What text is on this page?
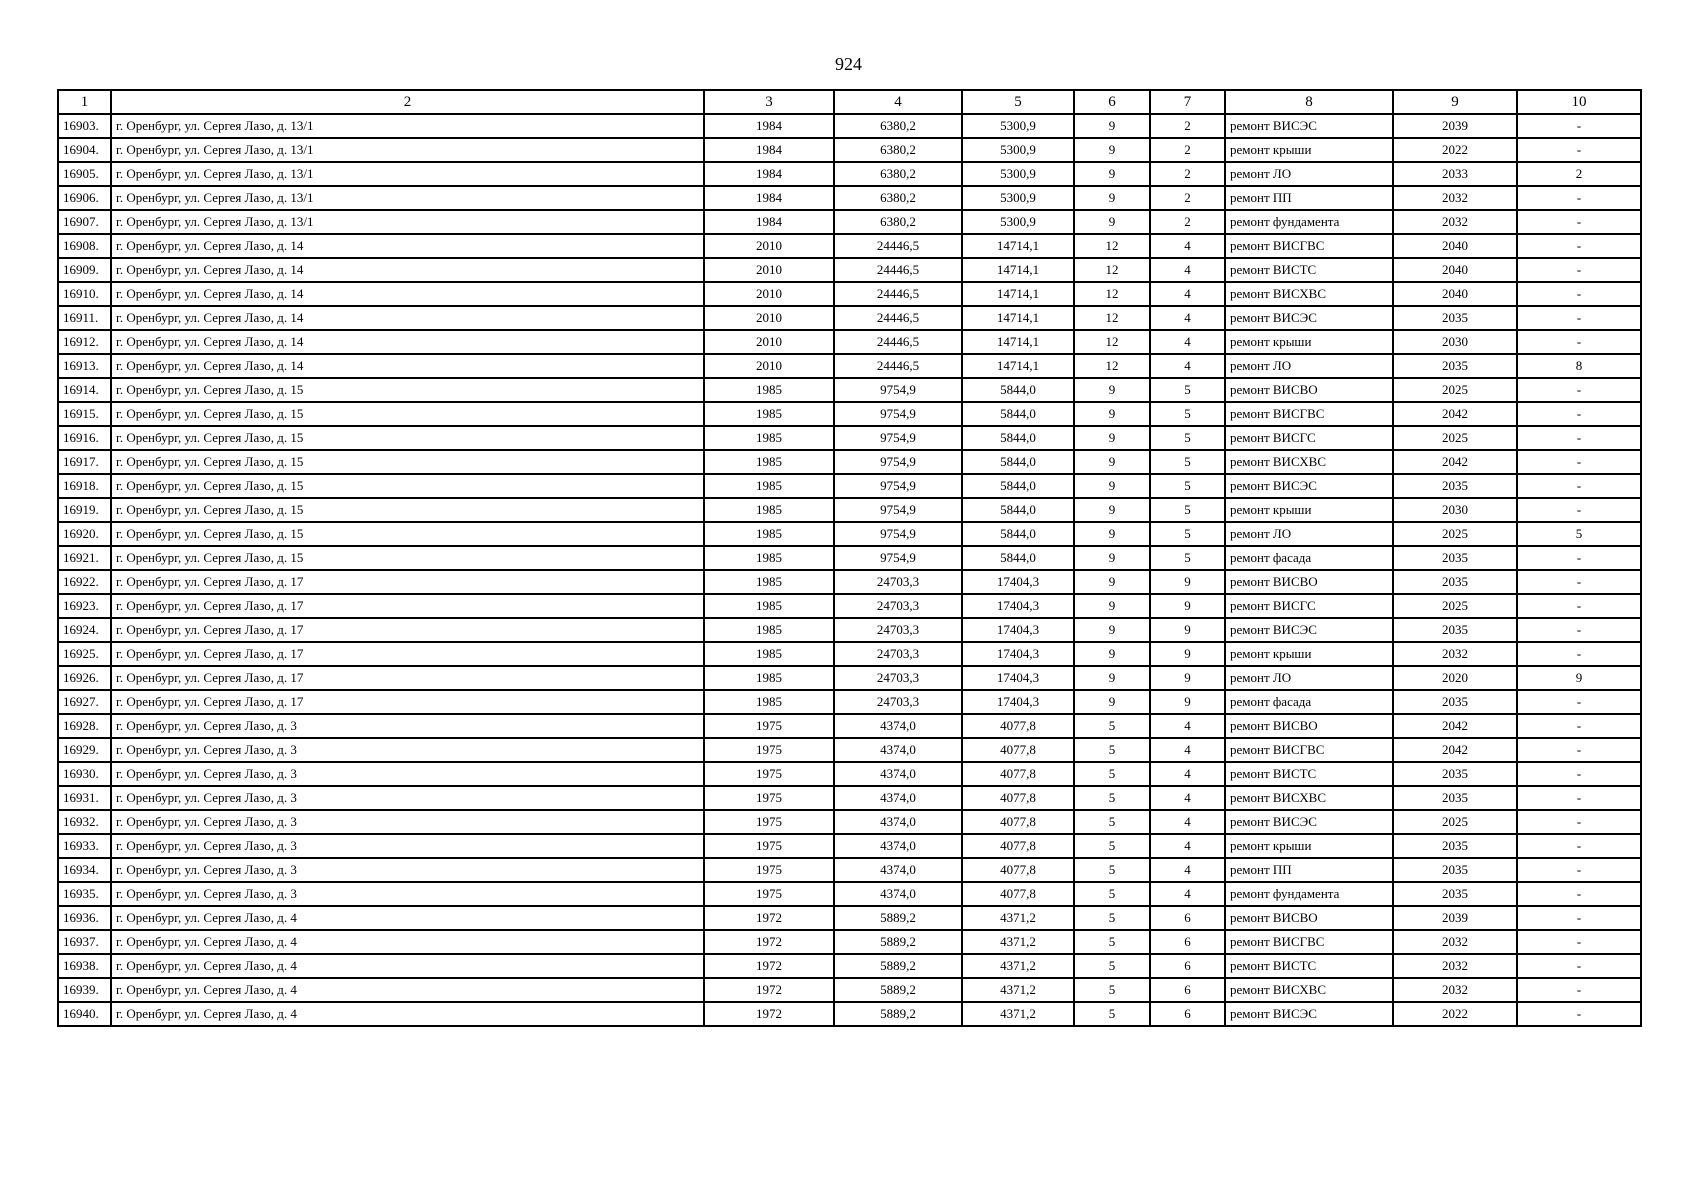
924
1	2	3	4	5	6	7	8	9	10
16903.	г. Оренбург, ул. Сергея Лазо, д. 13/1	1984	6380,2	5300,9	9	2	ремонт ВИСЭС	2039	-
16904.	г. Оренбург, ул. Сергея Лазо, д. 13/1	1984	6380,2	5300,9	9	2	ремонт крыши	2022	-
16905.	г. Оренбург, ул. Сергея Лазо, д. 13/1	1984	6380,2	5300,9	9	2	ремонт ЛО	2033	2
16906.	г. Оренбург, ул. Сергея Лазо, д. 13/1	1984	6380,2	5300,9	9	2	ремонт ПП	2032	-
16907.	г. Оренбург, ул. Сергея Лазо, д. 13/1	1984	6380,2	5300,9	9	2	ремонт фундамента	2032	-
16908.	г. Оренбург, ул. Сергея Лазо, д. 14	2010	24446,5	14714,1	12	4	ремонт ВИСГВС	2040	-
16909.	г. Оренбург, ул. Сергея Лазо, д. 14	2010	24446,5	14714,1	12	4	ремонт ВИСТС	2040	-
16910.	г. Оренбург, ул. Сергея Лазо, д. 14	2010	24446,5	14714,1	12	4	ремонт ВИСХВС	2040	-
16911.	г. Оренбург, ул. Сергея Лазо, д. 14	2010	24446,5	14714,1	12	4	ремонт ВИСЭС	2035	-
16912.	г. Оренбург, ул. Сергея Лазо, д. 14	2010	24446,5	14714,1	12	4	ремонт крыши	2030	-
16913.	г. Оренбург, ул. Сергея Лазо, д. 14	2010	24446,5	14714,1	12	4	ремонт ЛО	2035	8
16914.	г. Оренбург, ул. Сергея Лазо, д. 15	1985	9754,9	5844,0	9	5	ремонт ВИСВО	2025	-
16915.	г. Оренбург, ул. Сергея Лазо, д. 15	1985	9754,9	5844,0	9	5	ремонт ВИСГВС	2042	-
16916.	г. Оренбург, ул. Сергея Лазо, д. 15	1985	9754,9	5844,0	9	5	ремонт ВИСГС	2025	-
16917.	г. Оренбург, ул. Сергея Лазо, д. 15	1985	9754,9	5844,0	9	5	ремонт ВИСХВС	2042	-
16918.	г. Оренбург, ул. Сергея Лазо, д. 15	1985	9754,9	5844,0	9	5	ремонт ВИСЭС	2035	-
16919.	г. Оренбург, ул. Сергея Лазо, д. 15	1985	9754,9	5844,0	9	5	ремонт крыши	2030	-
16920.	г. Оренбург, ул. Сергея Лазо, д. 15	1985	9754,9	5844,0	9	5	ремонт ЛО	2025	5
16921.	г. Оренбург, ул. Сергея Лазо, д. 15	1985	9754,9	5844,0	9	5	ремонт фасада	2035	-
16922.	г. Оренбург, ул. Сергея Лазо, д. 17	1985	24703,3	17404,3	9	9	ремонт ВИСВО	2035	-
16923.	г. Оренбург, ул. Сергея Лазо, д. 17	1985	24703,3	17404,3	9	9	ремонт ВИСГС	2025	-
16924.	г. Оренбург, ул. Сергея Лазо, д. 17	1985	24703,3	17404,3	9	9	ремонт ВИСЭС	2035	-
16925.	г. Оренбург, ул. Сергея Лазо, д. 17	1985	24703,3	17404,3	9	9	ремонт крыши	2032	-
16926.	г. Оренбург, ул. Сергея Лазо, д. 17	1985	24703,3	17404,3	9	9	ремонт ЛО	2020	9
16927.	г. Оренбург, ул. Сергея Лазо, д. 17	1985	24703,3	17404,3	9	9	ремонт фасада	2035	-
16928.	г. Оренбург, ул. Сергея Лазо, д. 3	1975	4374,0	4077,8	5	4	ремонт ВИСВО	2042	-
16929.	г. Оренбург, ул. Сергея Лазо, д. 3	1975	4374,0	4077,8	5	4	ремонт ВИСГВС	2042	-
16930.	г. Оренбург, ул. Сергея Лазо, д. 3	1975	4374,0	4077,8	5	4	ремонт ВИСТС	2035	-
16931.	г. Оренбург, ул. Сергея Лазо, д. 3	1975	4374,0	4077,8	5	4	ремонт ВИСХВС	2035	-
16932.	г. Оренбург, ул. Сергея Лазо, д. 3	1975	4374,0	4077,8	5	4	ремонт ВИСЭС	2025	-
16933.	г. Оренбург, ул. Сергея Лазо, д. 3	1975	4374,0	4077,8	5	4	ремонт крыши	2035	-
16934.	г. Оренбург, ул. Сергея Лазо, д. 3	1975	4374,0	4077,8	5	4	ремонт ПП	2035	-
16935.	г. Оренбург, ул. Сергея Лазо, д. 3	1975	4374,0	4077,8	5	4	ремонт фундамента	2035	-
16936.	г. Оренбург, ул. Сергея Лазо, д. 4	1972	5889,2	4371,2	5	6	ремонт ВИСВО	2039	-
16937.	г. Оренбург, ул. Сергея Лазо, д. 4	1972	5889,2	4371,2	5	6	ремонт ВИСГВС	2032	-
16938.	г. Оренбург, ул. Сергея Лазо, д. 4	1972	5889,2	4371,2	5	6	ремонт ВИСТС	2032	-
16939.	г. Оренбург, ул. Сергея Лазо, д. 4	1972	5889,2	4371,2	5	6	ремонт ВИСХВС	2032	-
16940.	г. Оренбург, ул. Сергея Лазо, д. 4	1972	5889,2	4371,2	5	6	ремонт ВИСЭС	2022	-
